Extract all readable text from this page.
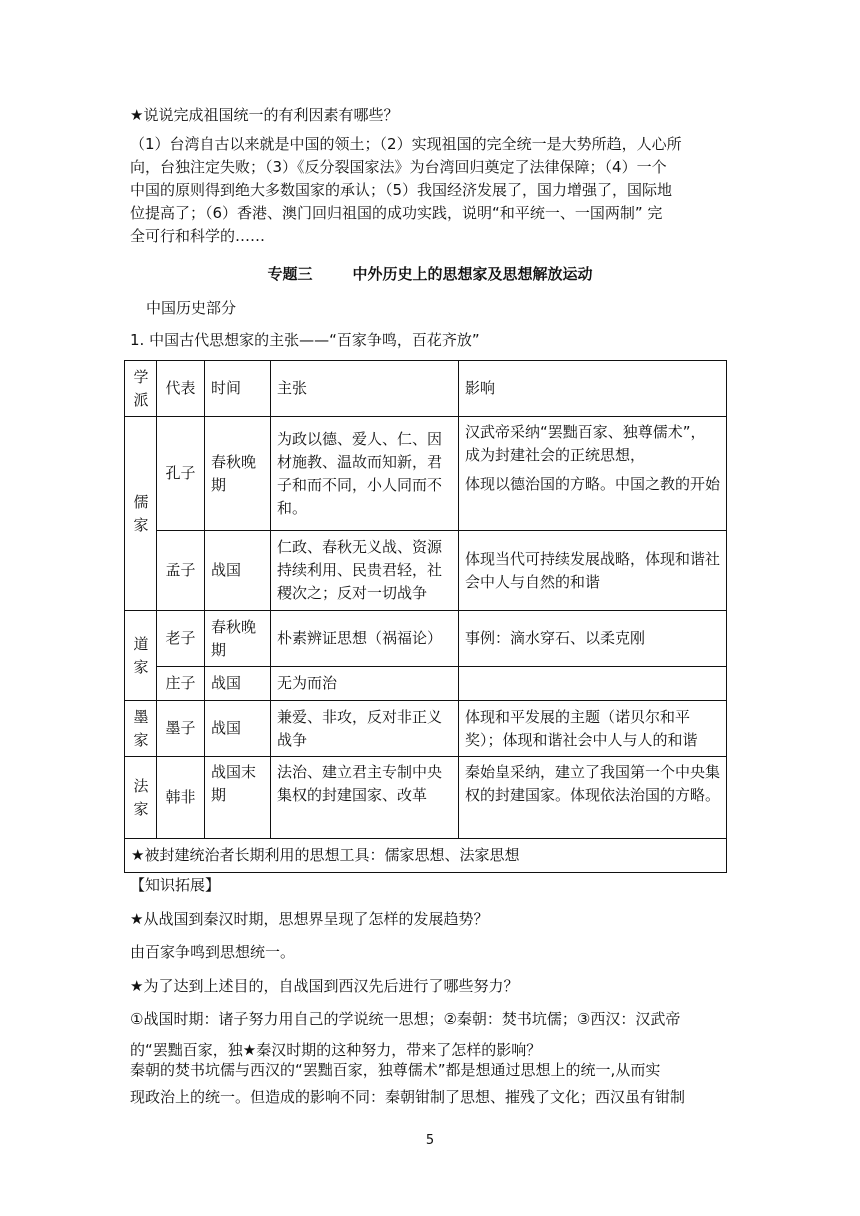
★说说完成祖国统一的有利因素有哪些？

（1）台湾自古以来就是中国的领土；（2）实现祖国的完全统一是大势所趋，人心所
向，台独注定失败；（3）《反分裂国家法》为台湾回归奠定了法律保障；（4）一个
中国的原则得到绝大多数国家的承认；（5）我国经济发展了，国力增强了，国际地
位提高了；（6）香港、澳门回归祖国的成功实践，说明“和平统一、一国两制” 完
全可行和科学的……
专题三	中外历史上的思想家及思想解放运动

中国历史部分

1. 中国古代思想家的主张——“百家争鸣，百花齐放”

学派	代表	时间	主张	影响

儒家	孔子	春秋晚期	为政以德、爱人、仁、因材施教、温故而知新，君子和而不同，小人同而不和。	汉武帝采纳“罢黜百家、独尊儒术”，成为封建社会的正统思想，
体现以德治国的方略。中国之教的开始

	孟子	战国	仁政、春秋无义战、资源持续利用、民贵君轻，社稷次之；反对一切战争	体现当代可持续发展战略，体现和谐社会中人与自然的和谐

道家	老子	春秋晚期	朴素辨证思想（祸福论）	事例：滴水穿石、以柔克刚
	庄子	战国	无为而治	

墨家	墨子	战国	兼爱、非攻，反对非正义战争	体现和平发展的主题（诺贝尔和平奖）；体现和谐社会中人与人的和谐

法家	韩非	战国末期	法治、建立君主专制中央集权的封建国家、改革	秦始皇采纳，建立了我国第一个中央集权的封建国家。体现依法治国的方略。
★被封建统治者长期利用的思想工具：儒家思想、法家思想				

【知识拓展】

★从战国到秦汉时期，思想界呈现了怎样的发展趋势？

由百家争鸣到思想统一。

★为了达到上述目的，自战国到西汉先后进行了哪些努力？

①战国时期：诸子努力用自己的学说统一思想；②秦朝：焚书坑儒；③西汉：汉武帝
的“罢黜百家，独★秦汉时期的这种努力，带来了怎样的影响？
秦朝的焚书坑儒与西汉的“罢黜百家，独尊儒术”都是想通过思想上的统一,从而实
现政治上的统一。但造成的影响不同：秦朝钳制了思想、摧残了文化；西汉虽有钳制
5
